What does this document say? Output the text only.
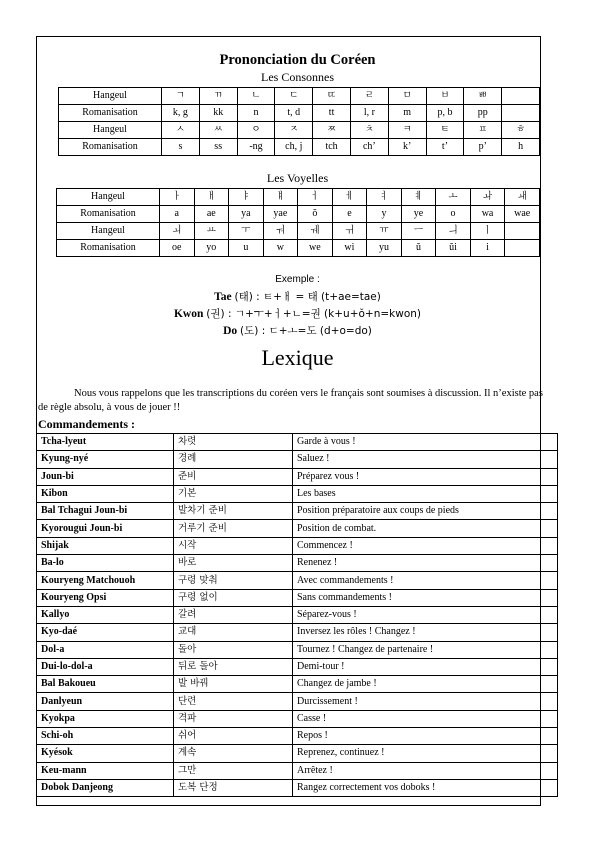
Prononciation du Coréen
Les Consonnes
Hangeul	ㄱ	ㄲ	ㄴ	ㄷ	ㄸ	ㄹ	ㅁ	ㅂ	ㅃ	
Romanisation	k, g	kk	n	t, d	tt	l, r	m	p, b	pp	
Hangeul	ㅅ	ㅆ	ㅇ	ㅈ	ㅉ	ㅊ	ㅋ	ㅌ	ㅍ	ㅎ
Romanisation	s	ss	-ng	ch, j	tch	ch’	k’	t’	p’	h
Les Voyelles
Hangeul	ㅏ	ㅐ	ㅑ	ㅒ	ㅓ	ㅔ	ㅕ	ㅖ	ㅗ	ㅘ	ㅙ
Romanisation	a	ae	ya	yae	ŏ	e	y	ye	o	wa	wae
Hangeul	ㅚ	ㅛ	ㅜ	ㅝ	ㅞ	ㅟ	ㅠ	ㅡ	ㅢ	ㅣ	
Romanisation	oe	yo	u	w	we	wi	yu	ŭ	ŭi	i	
Exemple :
Tae (태) : ㅌ+ㅐ = 태 (t+ae=tae)
Kwon (권) : ㄱ+ㅜ+ㅓ+ㄴ=권 (k+u+ŏ+n=kwon)
Do (도) : ㄷ+ㅗ=도 (d+o=do)
Lexique
Nous vous rappelons que les transcriptions du coréen vers le français sont soumises à discussion. Il n’existe pas de règle absolu, à vous de jouer !!
Commandements :
Tcha-lyeut	차렷	Garde à vous !
Kyung-nyé	경례	Saluez !
Joun-bi	준비	Préparez vous !
Kibon	기본	Les bases
Bal Tchagui Joun-bi	발차기 준비	Position préparatoire aux coups de pieds
Kyorougui Joun-bi	거루기 준비	Position de combat.
Shijak	시작	Commencez !
Ba-lo	바로	Renenez !
Kouryeng Matchouoh	구령 맞춰	Avec commandements !
Kouryeng Opsi	구령 없이	Sans commandements !
Kallyo	갈려	Séparez-vous !
Kyo-daé	교대	Inversez les rôles ! Changez !
Dol-a	돌아	Tournez ! Changez de partenaire !
Dui-lo-dol-a	뒤로 돌아	Demi-tour !
Bal Bakoueu	발 바꿔	Changez de jambe !
Danlyeun	단련	Durcissement !
Kyokpa	격파	Casse !
Schi-oh	쉬어	Repos !
Kyésok	계속	Reprenez, continuez !
Keu-mann	그만	Arrêtez !
Dobok Danjeong	도복 단정	Rangez correctement vos doboks !
